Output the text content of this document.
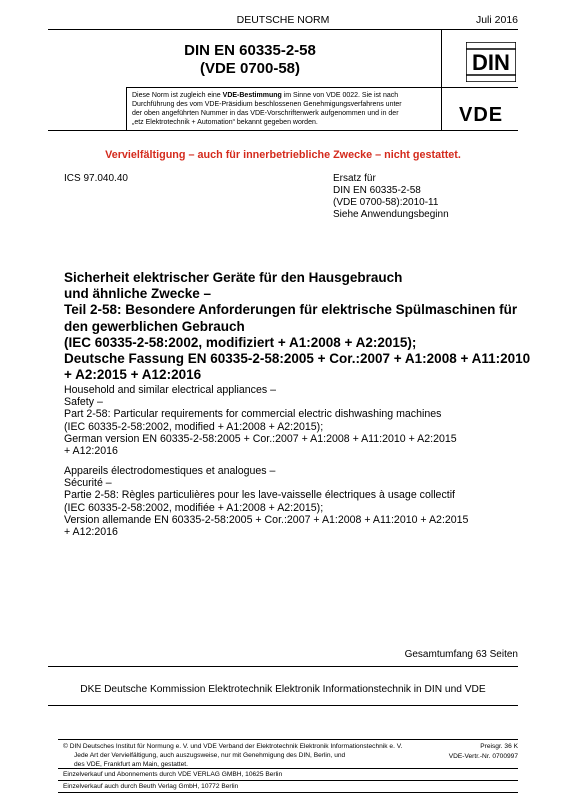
DEUTSCHE NORM	Juli 2016
DIN EN 60335-2-58
(VDE 0700-58)	DIN
Diese Norm ist zugleich eine VDE-Bestimmung im Sinne von VDE 0022. Sie ist nach
Durchführung des vom VDE-Präsidium beschlossenen Genehmigungsverfahrens unter
der oben angeführten Nummer in das VDE-Vorschriftenwerk aufgenommen und in der
„etz Elektrotechnik + Automation“ bekannt gegeben worden.	VDE
Vervielfältigung – auch für innerbetriebliche Zwecke – nicht gestattet.
ICS 97.040.40	Ersatz für
DIN EN 60335-2-58
(VDE 0700-58):2010-11
Siehe Anwendungsbeginn
Sicherheit elektrischer Geräte für den Hausgebrauch
und ähnliche Zwecke –
Teil 2-58: Besondere Anforderungen für elektrische Spülmaschinen für
den gewerblichen Gebrauch
(IEC 60335-2-58:2002, modifiziert + A1:2008 + A2:2015);
Deutsche Fassung EN 60335-2-58:2005 + Cor.:2007 + A1:2008 + A11:2010
+ A2:2015 + A12:2016
Household and similar electrical appliances –
Safety –
Part 2-58: Particular requirements for commercial electric dishwashing machines
(IEC 60335-2-58:2002, modified + A1:2008 + A2:2015);
German version EN 60335-2-58:2005 + Cor.:2007 + A1:2008 + A11:2010 + A2:2015
+ A12:2016
Appareils électrodomestiques et analogues –
Sécurité –
Partie 2-58: Règles particulières pour les lave-vaisselle électriques à usage collectif
(IEC 60335-2-58:2002, modifiée + A1:2008 + A2:2015);
Version allemande EN 60335-2-58:2005 + Cor.:2007 + A1:2008 + A11:2010 + A2:2015
+ A12:2016
Gesamtumfang 63 Seiten
DKE Deutsche Kommission Elektrotechnik Elektronik Informationstechnik in DIN und VDE
© DIN Deutsches Institut für Normung e. V. und VDE Verband der Elektrotechnik Elektronik Informationstechnik e. V.
Jede Art der Vervielfältigung, auch auszugsweise, nur mit Genehmigung des DIN, Berlin, und
des VDE, Frankfurt am Main, gestattet.
Preisgr. 36 K
VDE-Vertr.-Nr. 0700997
Einzelverkauf und Abonnements durch VDE VERLAG GMBH, 10625 Berlin
Einzelverkauf auch durch Beuth Verlag GmbH, 10772 Berlin
